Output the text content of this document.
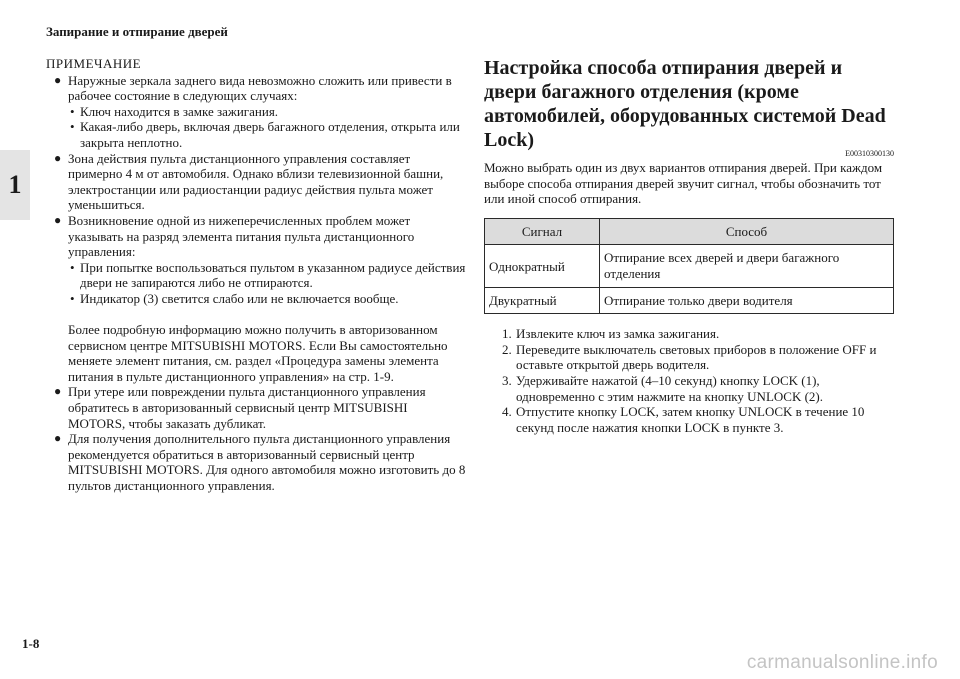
Запирание и отпирание дверей
1
1-8
carmanualsonline.info
ПРИМЕЧАНИЕ
● Наружные зеркала заднего вида невозможно сложить или привести в рабочее состояние в следующих случаях:
• Ключ находится в замке зажигания.
• Какая-либо дверь, включая дверь багажного отделения, открыта или закрыта неплотно.
● Зона действия пульта дистанционного управления составляет примерно 4 м от автомобиля. Однако вблизи телевизионной башни, электростанции или радиостанции радиус действия пульта может уменьшиться.
● Возникновение одной из нижеперечисленных проблем может указывать на разряд элемента питания пульта дистанционного управления:
• При попытке воспользоваться пультом в указанном радиусе действия двери не запираются либо не отпираются.
• Индикатор (3) светится слабо или не включается вообще.
Более подробную информацию можно получить в авторизованном сервисном центре MITSUBISHI MOTORS. Если Вы самостоятельно меняете элемент питания, см. раздел «Процедура замены элемента питания в пульте дистанционного управления» на стр. 1-9.
● При утере или повреждении пульта дистанционного управления обратитесь в авторизованный сервисный центр MITSUBISHI MOTORS, чтобы заказать дубликат.
● Для получения дополнительного пульта дистанционного управления рекомендуется обратиться в авторизованный сервисный центр MITSUBISHI MOTORS. Для одного автомобиля можно изготовить до 8 пультов дистанционного управления.
Настройка способа отпирания дверей и двери багажного отделения (кроме автомобилей, оборудованных системой Dead Lock)
E00310300130
Можно выбрать один из двух вариантов отпирания дверей. При каждом выборе способа отпирания дверей звучит сигнал, чтобы обозначить тот или иной способ отпирания.
Сигнал	Способ
Однократный	Отпирание всех дверей и двери багажного отделения
Двукратный	Отпирание только двери водителя
1. Извлеките ключ из замка зажигания.
2. Переведите выключатель световых приборов в положение OFF и оставьте открытой дверь водителя.
3. Удерживайте нажатой (4–10 секунд) кнопку LOCK (1), одновременно с этим нажмите на кнопку UNLOCK (2).
4. Отпустите кнопку LOCK, затем кнопку UNLOCK в течение 10 секунд после нажатия кнопки LOCK в пункте 3.
